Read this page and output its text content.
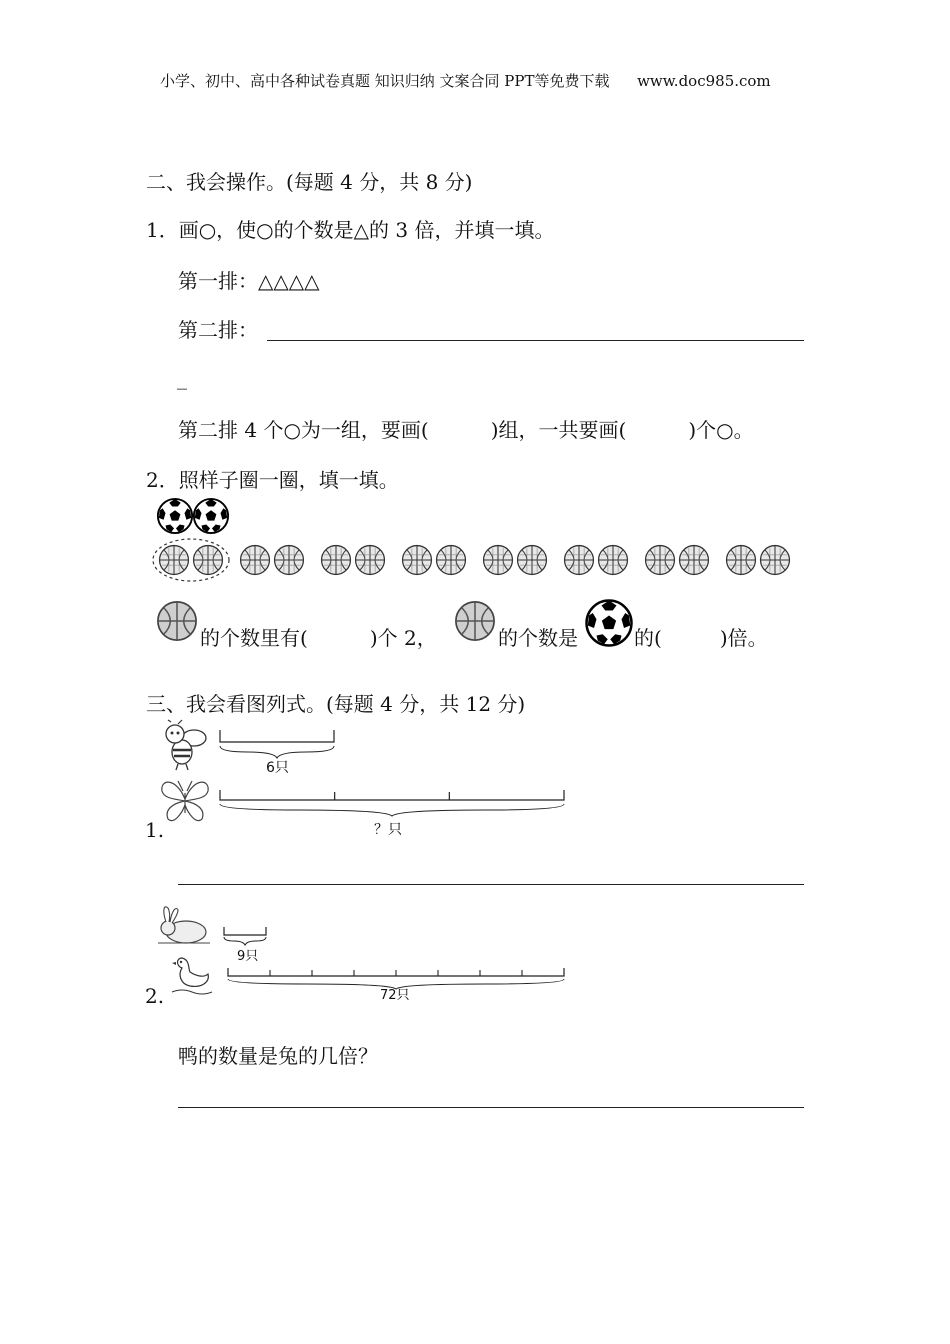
小学、初中、高中各种试卷真题 知识归纳 文案合同 PPT等免费下载 www.doc985.com
二、我会操作。(每题 4 分，共 8 分)
1．画○，使○的个数是△的 3 倍，并填一填。
第一排：△△△△
第二排：
_
第二排 4 个○为一组，要画(	)组，一共要画(	)个○。
2．照样子圈一圈，填一填。
的个数里有(	)个 2，	的个数是	的(	)倍。
三、我会看图列式。(每题 4 分，共 12 分)
6只
1.	？只
9只
2.	72只
鸭的数量是兔的几倍？
